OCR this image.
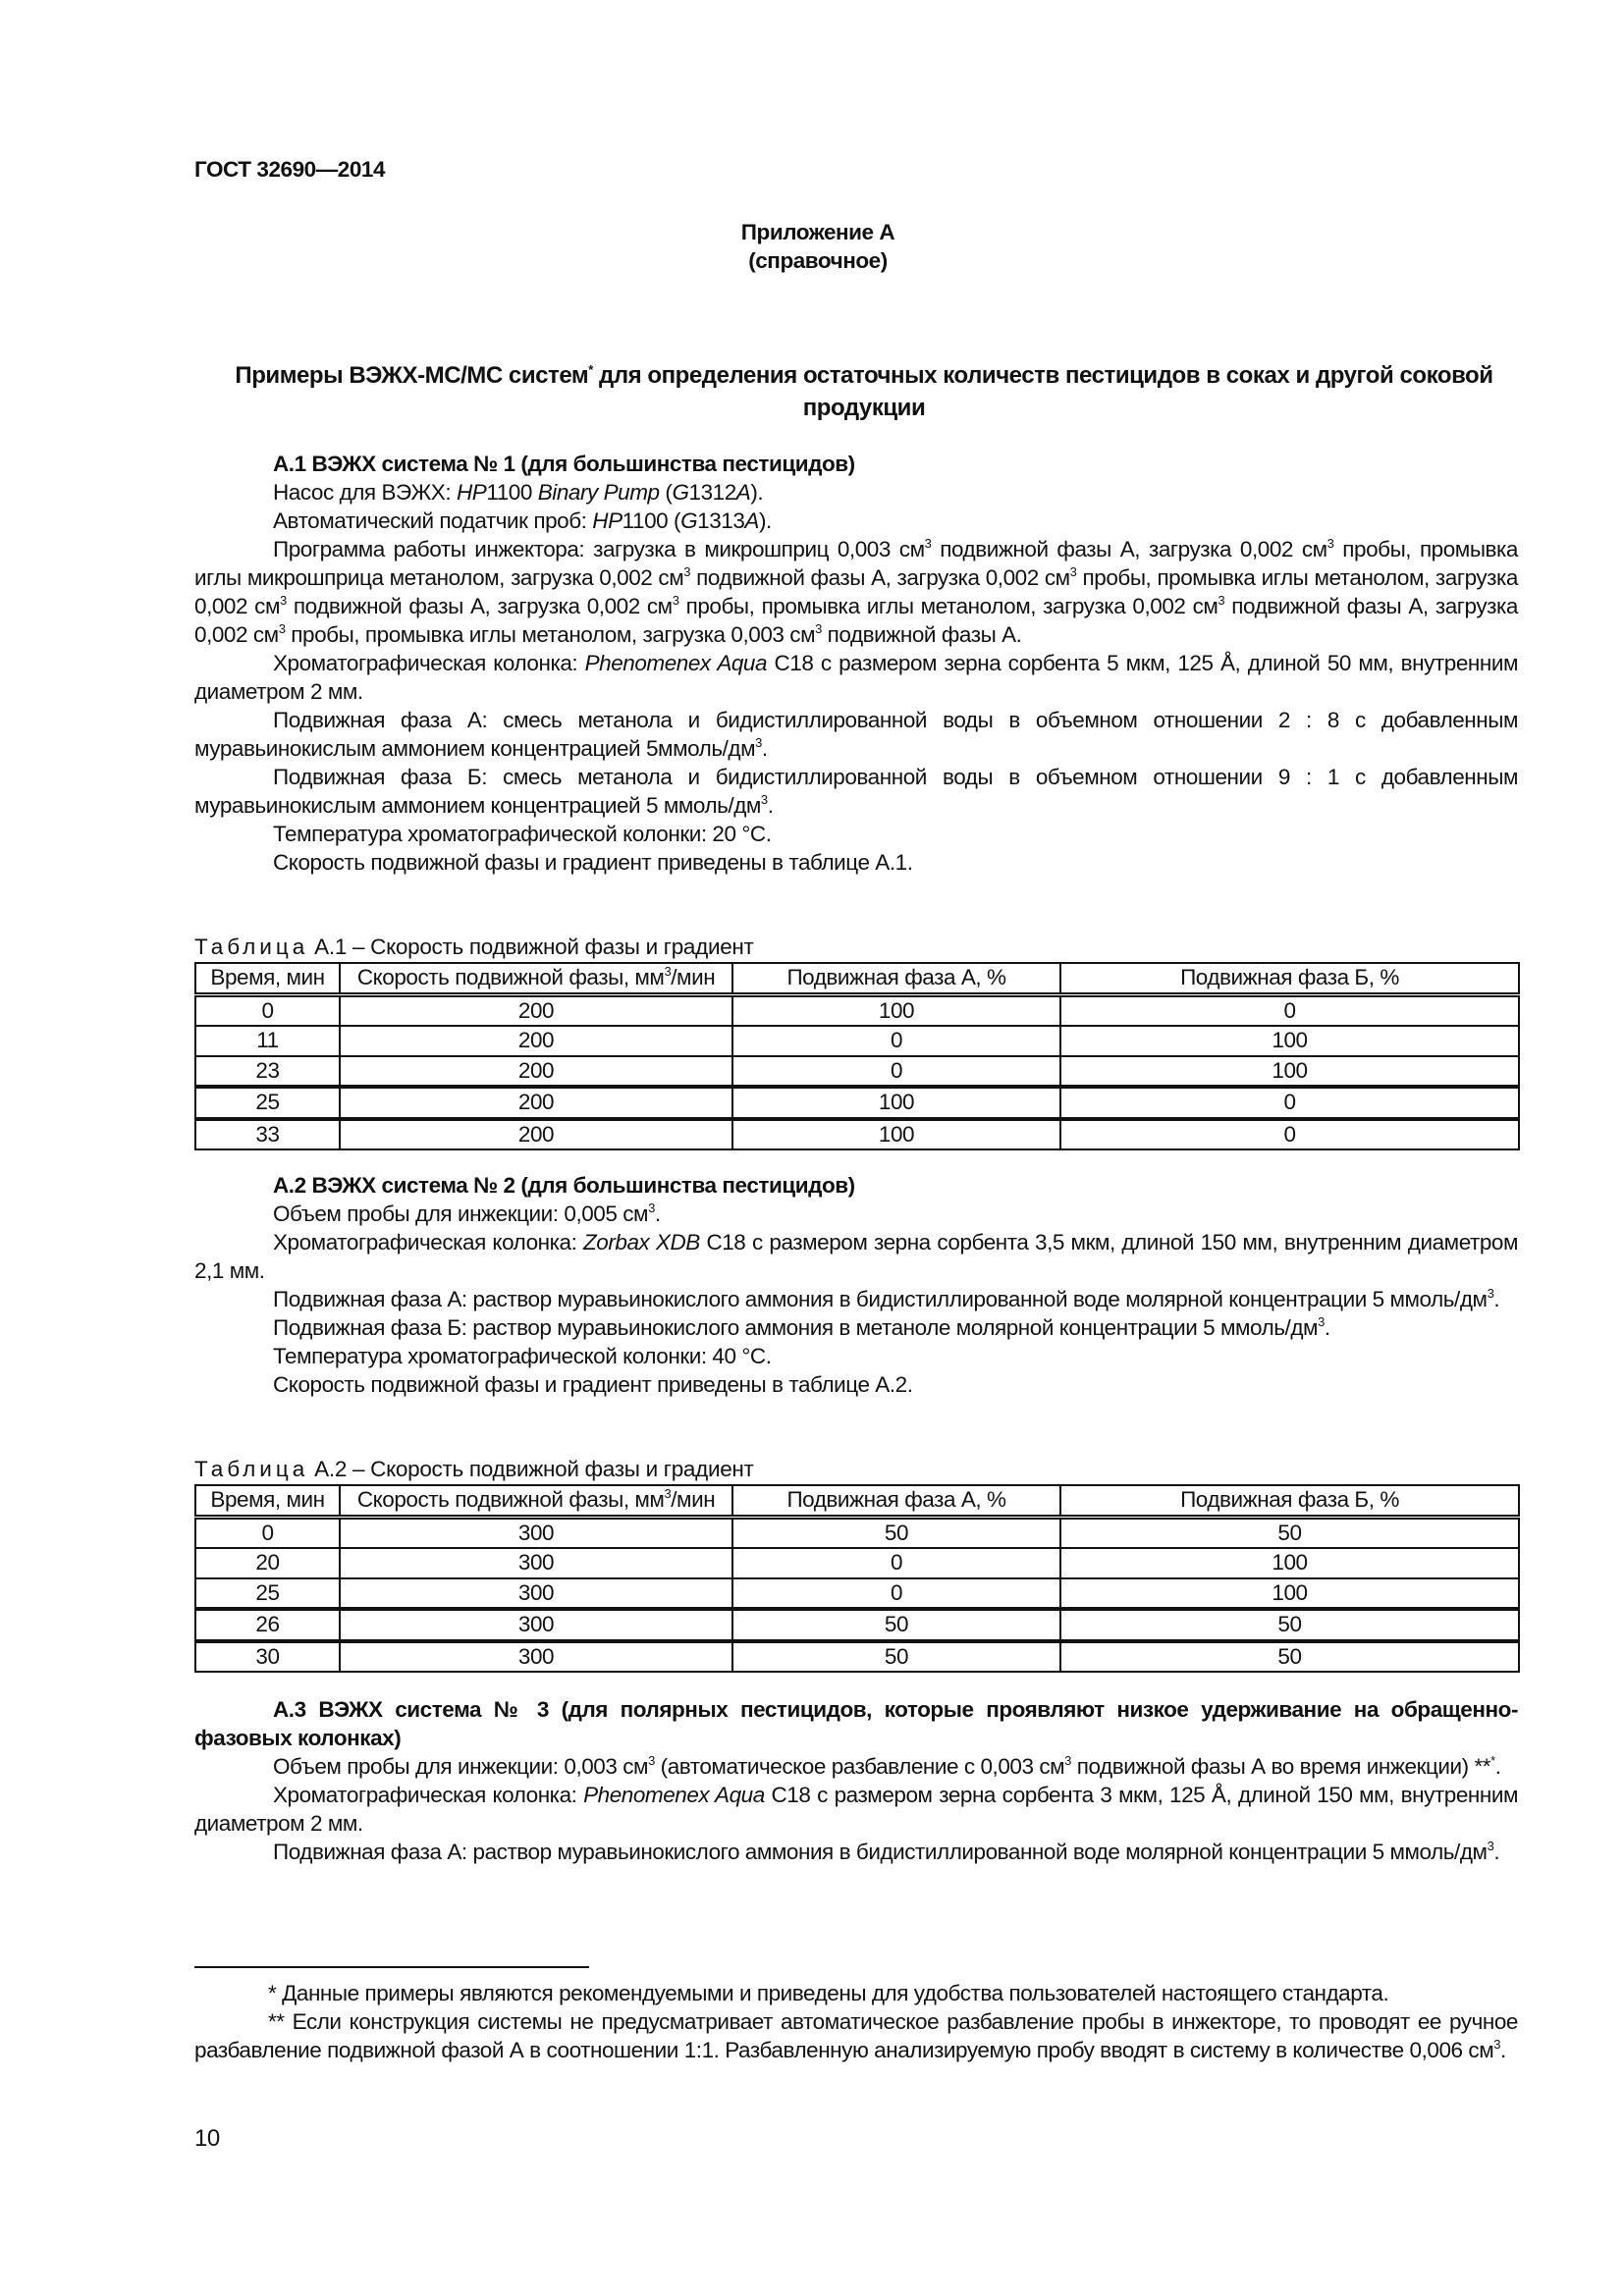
ГОСТ 32690—2014
Приложение А
(справочное)
Примеры ВЭЖХ-МС/МС систем* для определения остаточных количеств пестицидов в соках и другой соковой продукции

А.1 ВЭЖХ система № 1 (для большинства пестицидов)

Насос для ВЭЖХ: HP1100 Binary Pump (G1312A).

Автоматический податчик проб: HP1100 (G1313A).

Программа работы инжектора: загрузка в микрошприц 0,003 $см^3$ подвижной фазы А, загрузка 0,002 $см^3$ пробы, промывка иглы микрошприца метанолом, загрузка 0,002 $см^3$ подвижной фазы А, загрузка 0,002 $см^3$ пробы, промывка иглы метанолом, загрузка 0,002 $см^3$ подвижной фазы А, загрузка 0,002 $см^3$ пробы, промывка иглы метанолом, загрузка 0,002 $см^3$ подвижной фазы А, загрузка 0,002 $см^3$ пробы, промывка иглы метанолом, загрузка 0,003 $см^3$ подвижной фазы А.

Хроматографическая колонка: Phenomenex Aqua С18 с размером зерна сорбента 5 мкм, 125 Å, длиной 50 мм, внутренним диаметром 2 мм.

Подвижная фаза А: смесь метанола и бидистиллированной воды в объемном отношении 2 : 8 с добавленным муравьинокислым аммонием концентрацией $5ммоль/дм^3$.

Подвижная фаза Б: смесь метанола и бидистиллированной воды в объемном отношении 9 : 1 с добавленным муравьинокислым аммонием концентрацией 5 ммоль/$дм^3$.

Температура хроматографической колонки: 20 °С.

Скорость подвижной фазы и градиент приведены в таблице А.1.

Таблица А.1 – Скорость подвижной фазы и градиент
Время, мин	Скорость подвижной фазы, $мм^3$/мин	Подвижная фаза А, %	Подвижная фаза Б, %
0	200	100	0
11	200	0	100
23	200	0	100
25	200	100	0
33	200	100	0

А.2 ВЭЖХ система № 2 (для большинства пестицидов)

Объем пробы для инжекции: 0,005 $см^3$.

Хроматографическая колонка: Zorbax XDB С18 с размером зерна сорбента 3,5 мкм, длиной 150 мм, внутренним диаметром 2,1 мм.

Подвижная фаза А: раствор муравьинокислого аммония в бидистиллированной воде молярной концентрации 5 ммоль/$дм^3$.

Подвижная фаза Б: раствор муравьинокислого аммония в метаноле молярной концентрации 5 ммоль/$дм^3$.

Температура хроматографической колонки: 40 °С.

Скорость подвижной фазы и градиент приведены в таблице А.2.

Таблица А.2 – Скорость подвижной фазы и градиент
Время, мин	Скорость подвижной фазы, $мм^3$/мин	Подвижная фаза А, %	Подвижная фаза Б, %
0	300	50	50
20	300	0	100
25	300	0	100
26	300	50	50
30	300	50	50

А.3 ВЭЖХ система № 3 (для полярных пестицидов, которые проявляют низкое удерживание на обращенно-фазовых колонках)

Объем пробы для инжекции: 0,003 $см^3$ (автоматическое разбавление с 0,003 $см^3$ подвижной фазы А во время инжекции) ***.

Хроматографическая колонка: Phenomenex Aqua С18 с размером зерна сорбента 3 мкм, 125 Å, длиной 150 мм, внутренним диаметром 2 мм.

Подвижная фаза А: раствор муравьинокислого аммония в бидистиллированной воде молярной концентрации 5 ммоль/$дм^3$.

* Данные примеры являются рекомендуемыми и приведены для удобства пользователей настоящего стандарта.

** Если конструкция системы не предусматривает автоматическое разбавление пробы в инжекторе, то проводят ее ручное разбавление подвижной фазой А в соотношении 1:1. Разбавленную анализируемую пробу вводят в систему в количестве 0,006 $см^3$.

10
